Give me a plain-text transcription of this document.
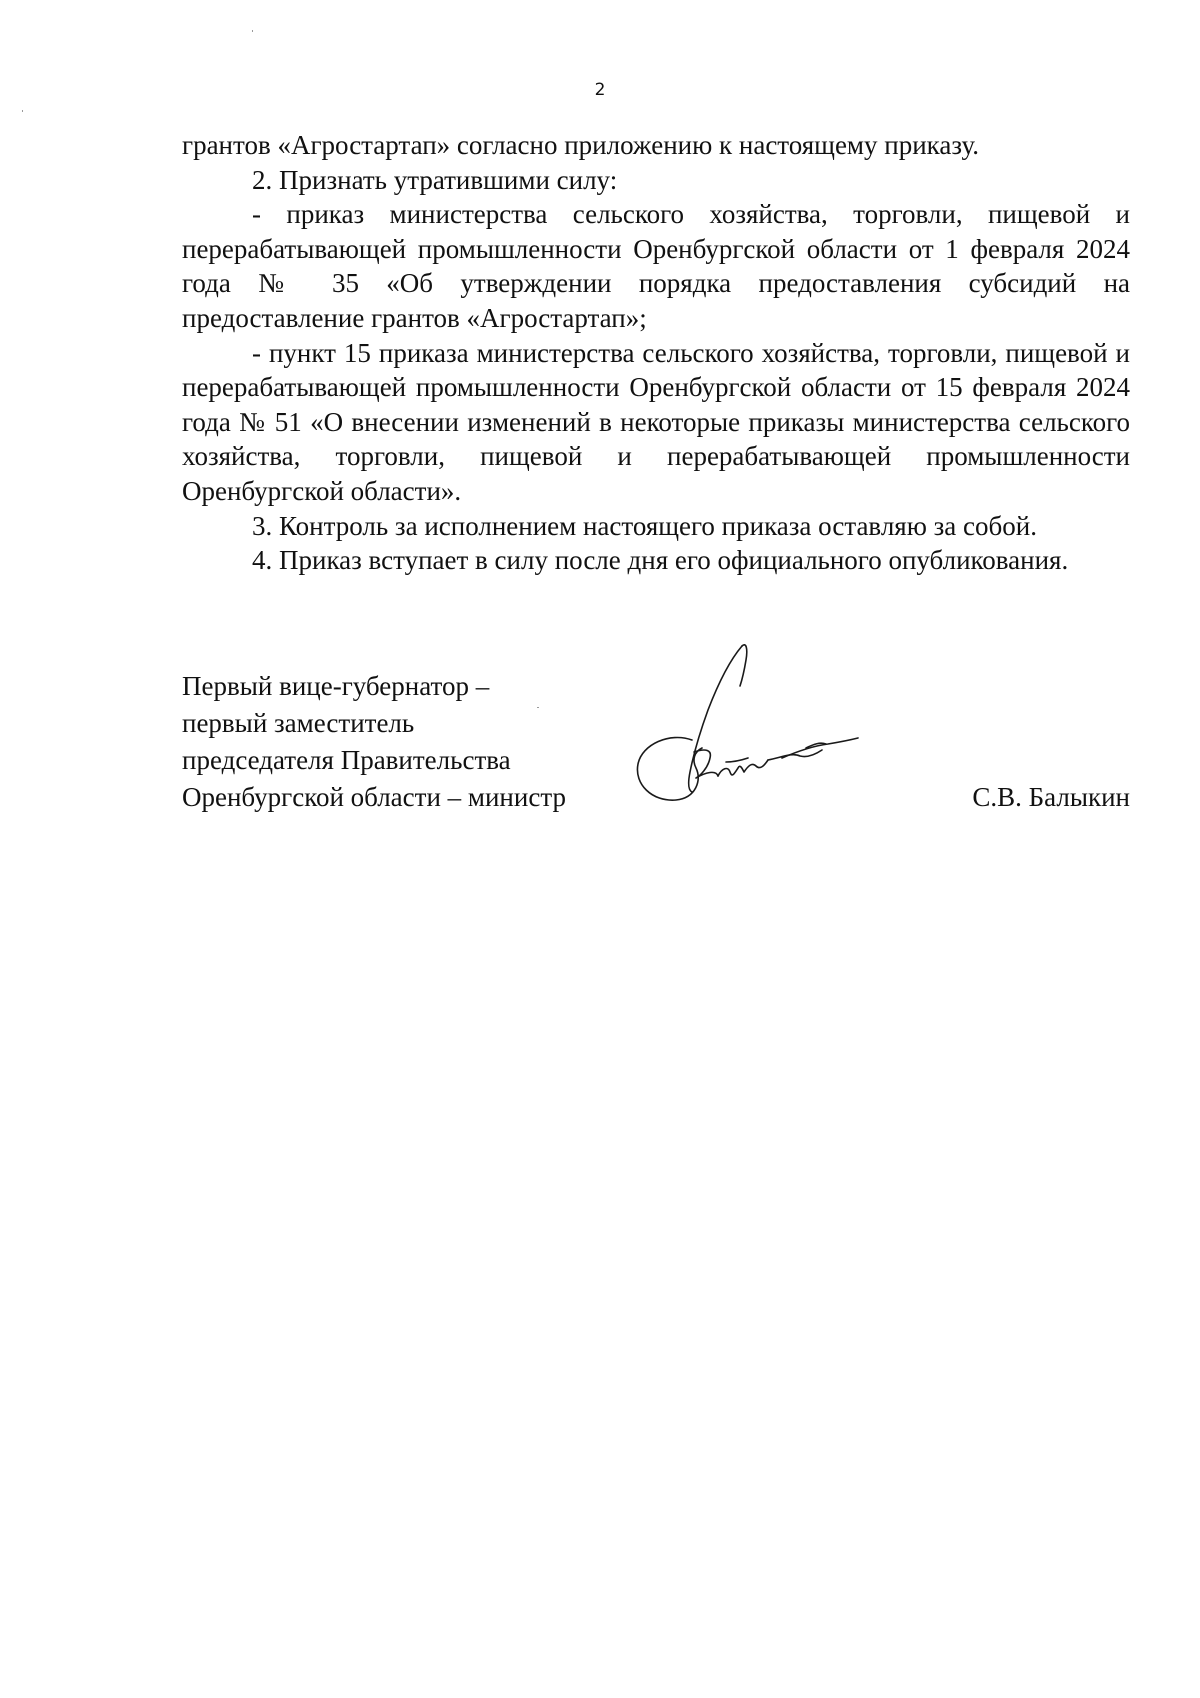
2

грантов «Агростартап» согласно приложению к настоящему приказу.

2. Признать утратившими силу:

- приказ министерства сельского хозяйства, торговли, пищевой и перерабатывающей промышленности Оренбургской области от 1 февраля 2024 года № 35 «Об утверждении порядка предоставления субсидий на предоставление грантов «Агростартап»;

- пункт 15 приказа министерства сельского хозяйства, торговли, пищевой и перерабатывающей промышленности Оренбургской области от 15 февраля 2024 года № 51 «О внесении изменений в некоторые приказы министерства сельского хозяйства, торговли, пищевой и перерабатывающей промышленности Оренбургской области».

3. Контроль за исполнением настоящего приказа оставляю за собой.

4. Приказ вступает в силу после дня его официального опубликования.

Первый вице-губернатор –
первый заместитель
председателя Правительства
Оренбургской области – министр	С.В. Балыкин
